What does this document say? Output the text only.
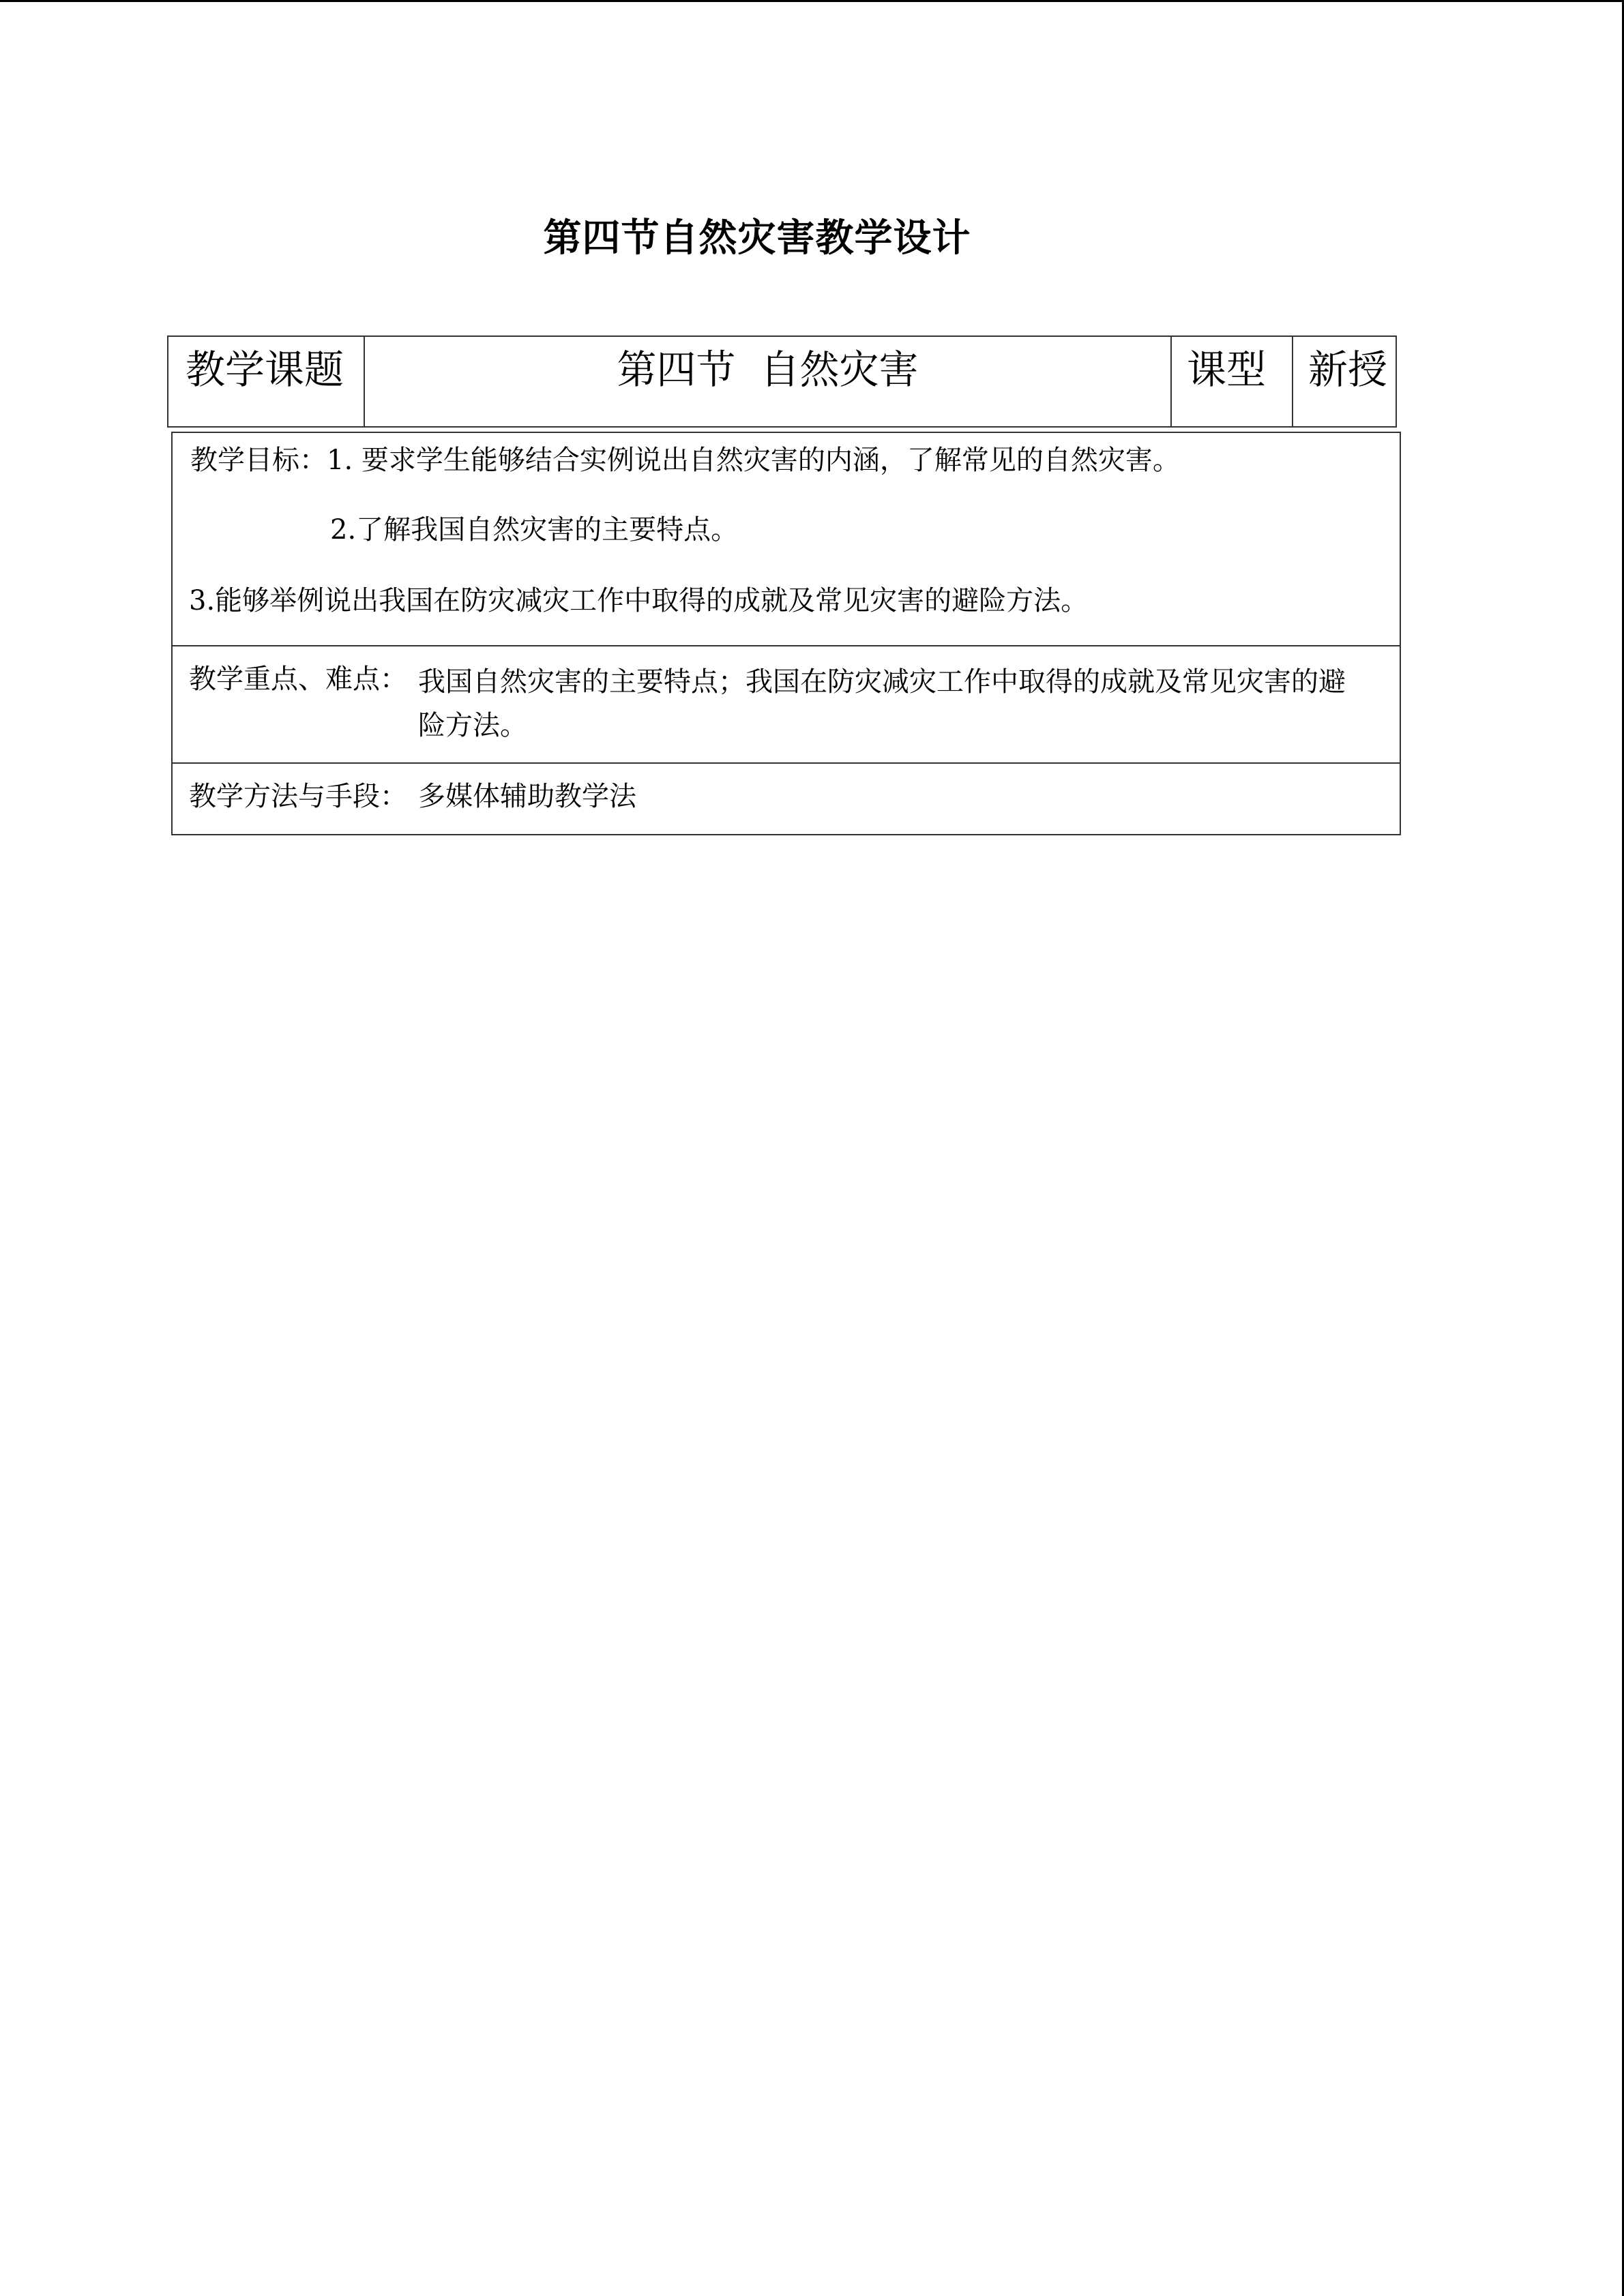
第四节自然灾害教学设计
教学课题	第四节 自然灾害	课型	新授
教学目标：1. 要求学生能够结合实例说出自然灾害的内涵，了解常见的自然灾害。
2.了解我国自然灾害的主要特点。
3.能够举例说出我国在防灾减灾工作中取得的成就及常见灾害的避险方法。
教学重点、难点： 我国自然灾害的主要特点；我国在防灾减灾工作中取得的成就及常见灾害的避险方法。
教学方法与手段： 多媒体辅助教学法
